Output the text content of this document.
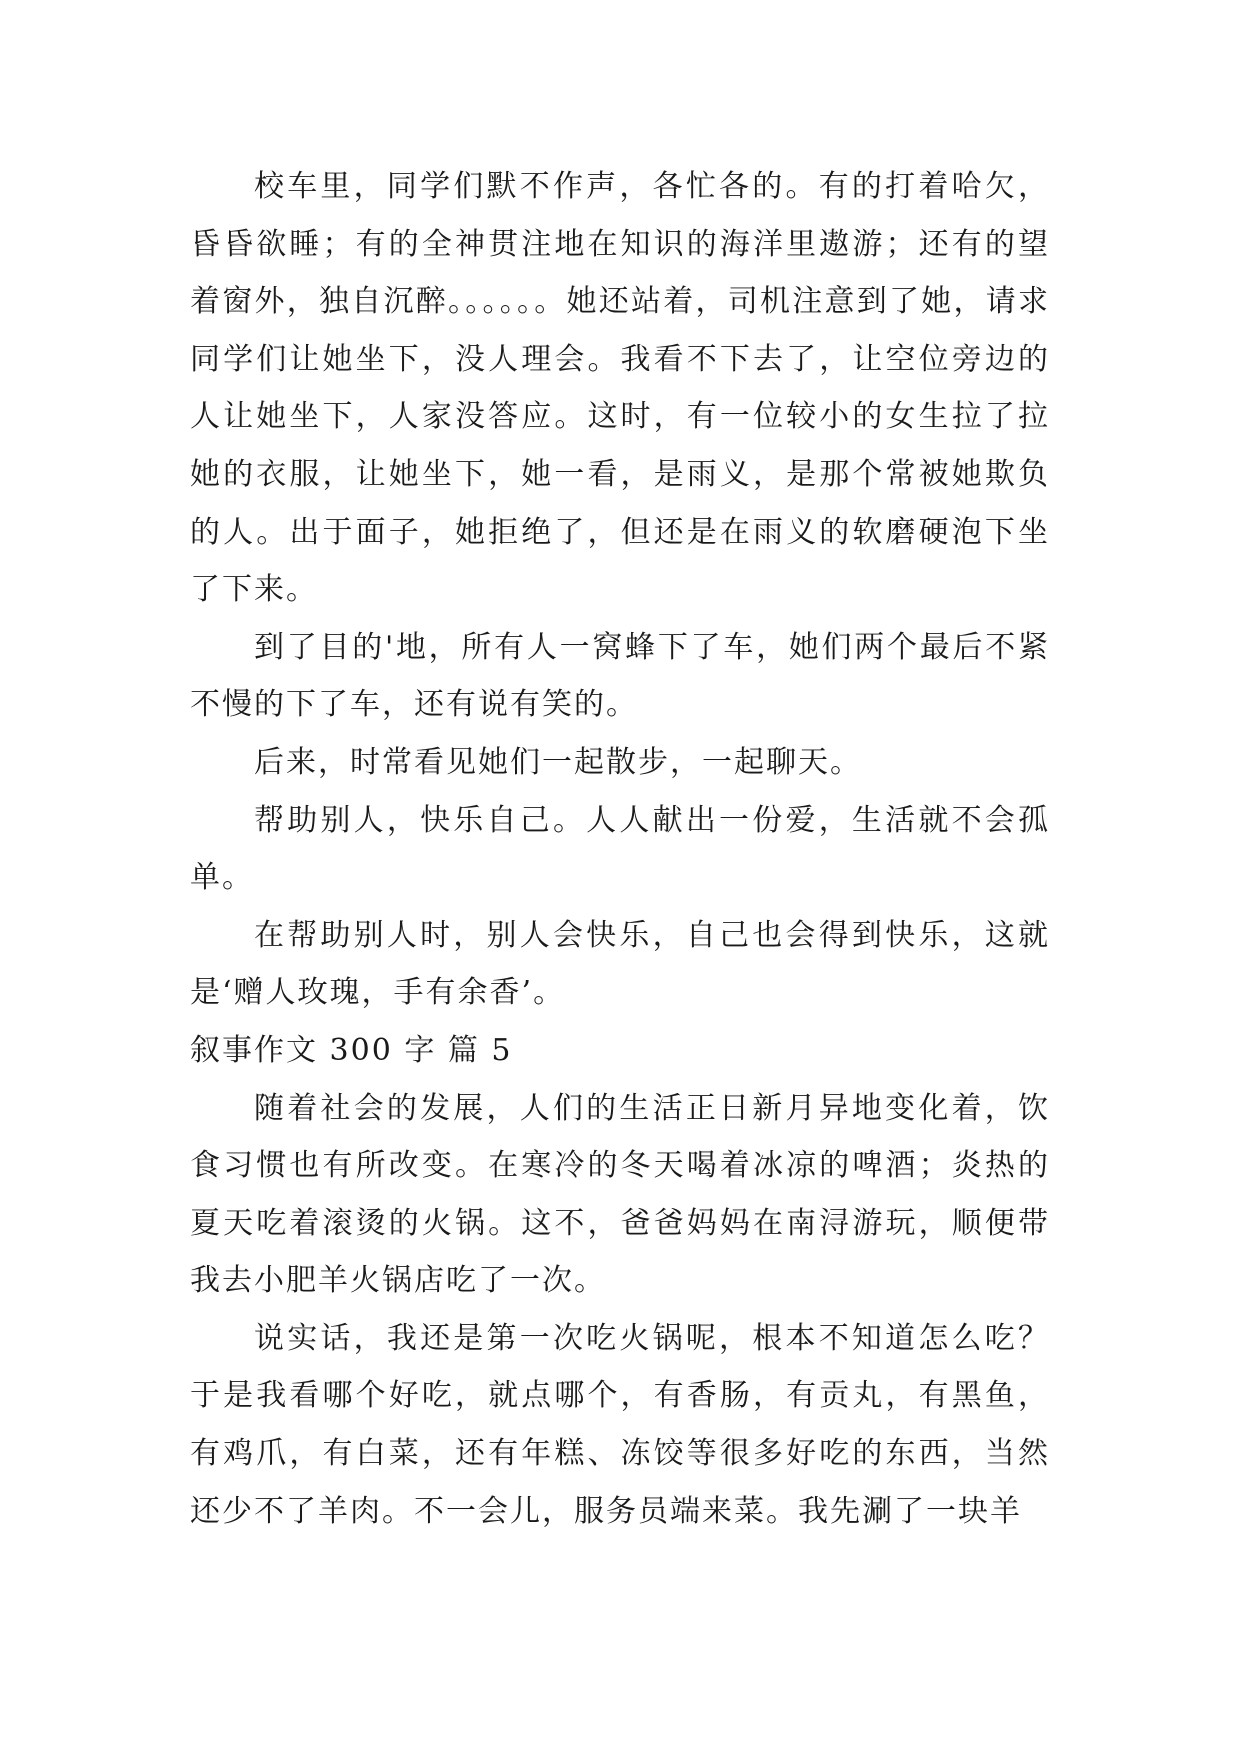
校车里，同学们默不作声，各忙各的。有的打着哈欠，昏昏欲睡；有的全神贯注地在知识的海洋里遨游；还有的望着窗外，独自沉醉。。。。。。她还站着，司机注意到了她，请求同学们让她坐下，没人理会。我看不下去了，让空位旁边的人让她坐下，人家没答应。这时，有一位较小的女生拉了拉她的衣服，让她坐下，她一看，是雨义，是那个常被她欺负的人。出于面子，她拒绝了，但还是在雨义的软磨硬泡下坐了下来。

到了目的'地，所有人一窝蜂下了车，她们两个最后不紧不慢的下了车，还有说有笑的。

后来，时常看见她们一起散步，一起聊天。

帮助别人，快乐自己。人人献出一份爱，生活就不会孤单。

在帮助别人时，别人会快乐，自己也会得到快乐，这就是‘赠人玫瑰，手有余香’。

叙事作文 300 字 篇 5

随着社会的发展，人们的生活正日新月异地变化着，饮食习惯也有所改变。在寒冷的冬天喝着冰凉的啤酒；炎热的夏天吃着滚烫的火锅。这不，爸爸妈妈在南浔游玩，顺便带我去小肥羊火锅店吃了一次。

说实话，我还是第一次吃火锅呢，根本不知道怎么吃？于是我看哪个好吃，就点哪个，有香肠，有贡丸，有黑鱼，有鸡爪，有白菜，还有年糕、冻饺等很多好吃的东西，当然还少不了羊肉。不一会儿，服务员端来菜。我先涮了一块羊
